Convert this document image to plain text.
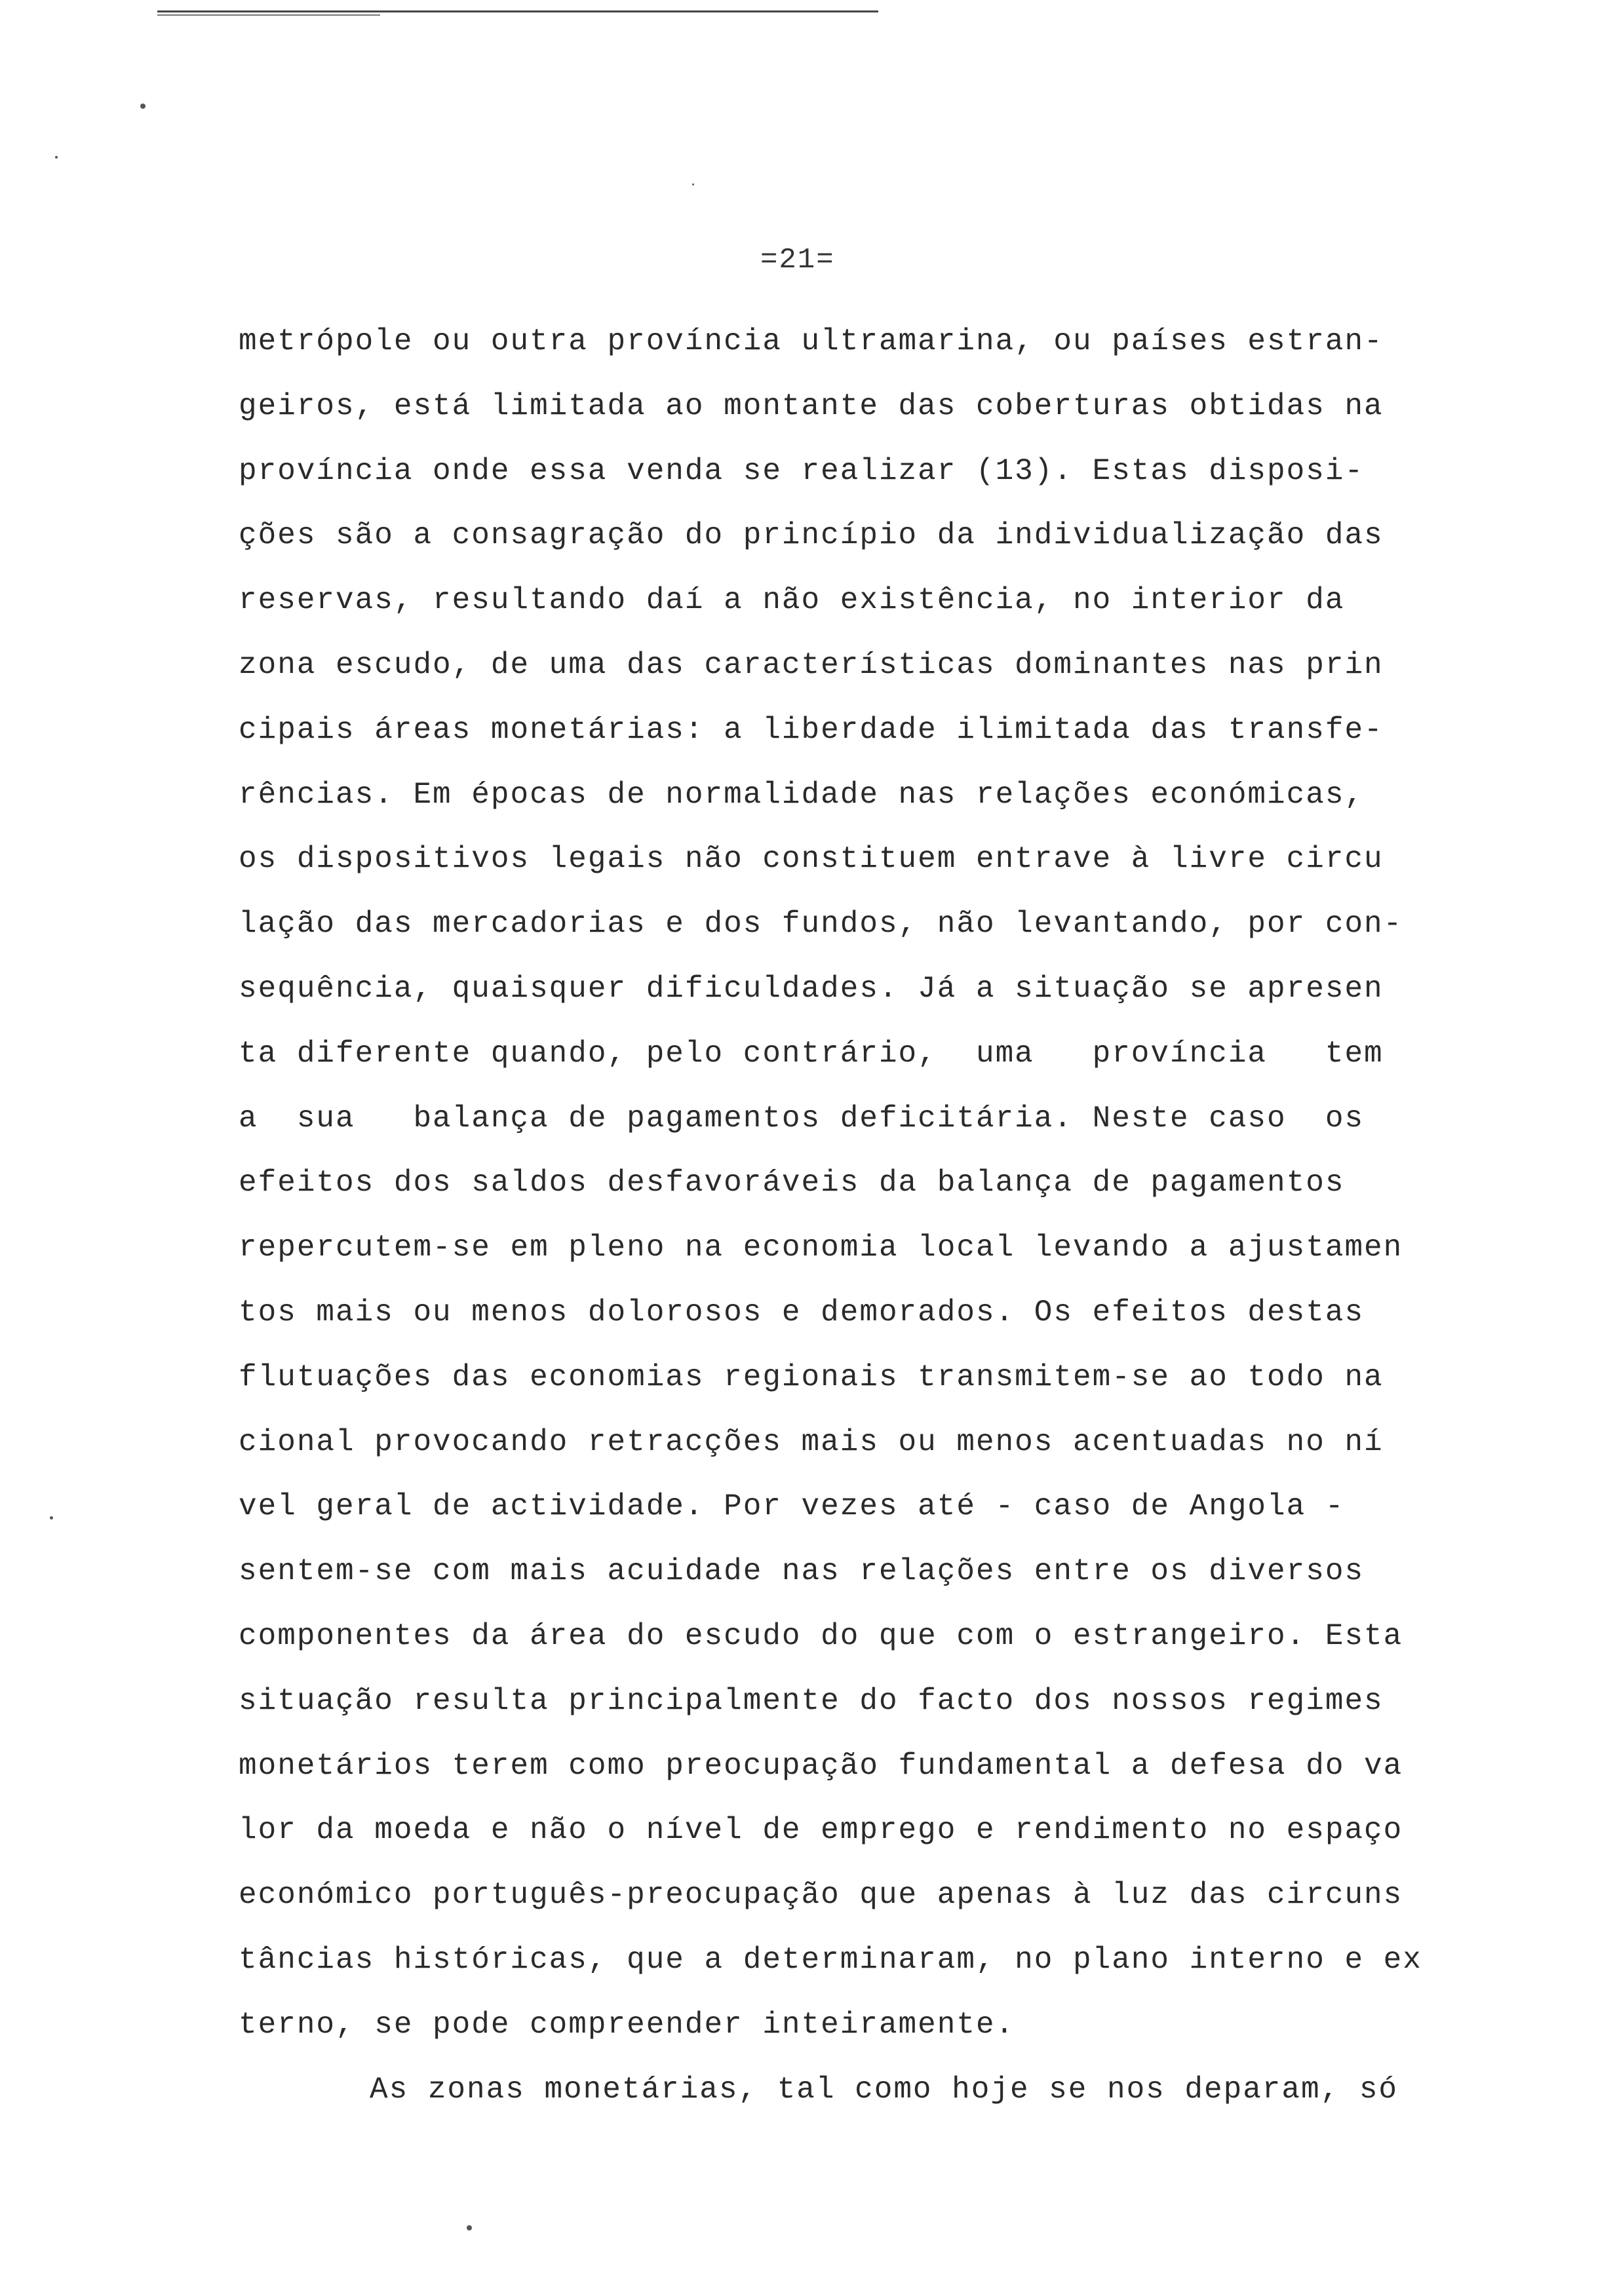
=21=
metrópole ou outra província ultramarina, ou países estran-
geiros, está limitada ao montante das coberturas obtidas na
província onde essa venda se realizar (13). Estas disposi-
ções são a consagração do princípio da individualização das
reservas, resultando daí a não existência, no interior da
zona escudo, de uma das características dominantes nas prin
cipais áreas monetárias: a liberdade ilimitada das transfe-
rências. Em épocas de normalidade nas relações económicas,
os dispositivos legais não constituem entrave à livre circu
lação das mercadorias e dos fundos, não levantando, por con-
sequência, quaisquer dificuldades. Já a situação se apresen
ta diferente quando, pelo contrário,  uma   província   tem
a  sua   balança de pagamentos deficitária. Neste caso  os
efeitos dos saldos desfavoráveis da balança de pagamentos
repercutem-se em pleno na economia local levando a ajustamen
tos mais ou menos dolorosos e demorados. Os efeitos destas
flutuações das economias regionais transmitem-se ao todo na
cional provocando retracções mais ou menos acentuadas no ní
vel geral de actividade. Por vezes até - caso de Angola -
sentem-se com mais acuidade nas relações entre os diversos
componentes da área do escudo do que com o estrangeiro. Esta
situação resulta principalmente do facto dos nossos regimes
monetários terem como preocupação fundamental a defesa do va
lor da moeda e não o nível de emprego e rendimento no espaço
económico português-preocupação que apenas à luz das circuns
tâncias históricas, que a determinaram, no plano interno e ex
terno, se pode compreender inteiramente.
As zonas monetárias, tal como hoje se nos deparam, só
